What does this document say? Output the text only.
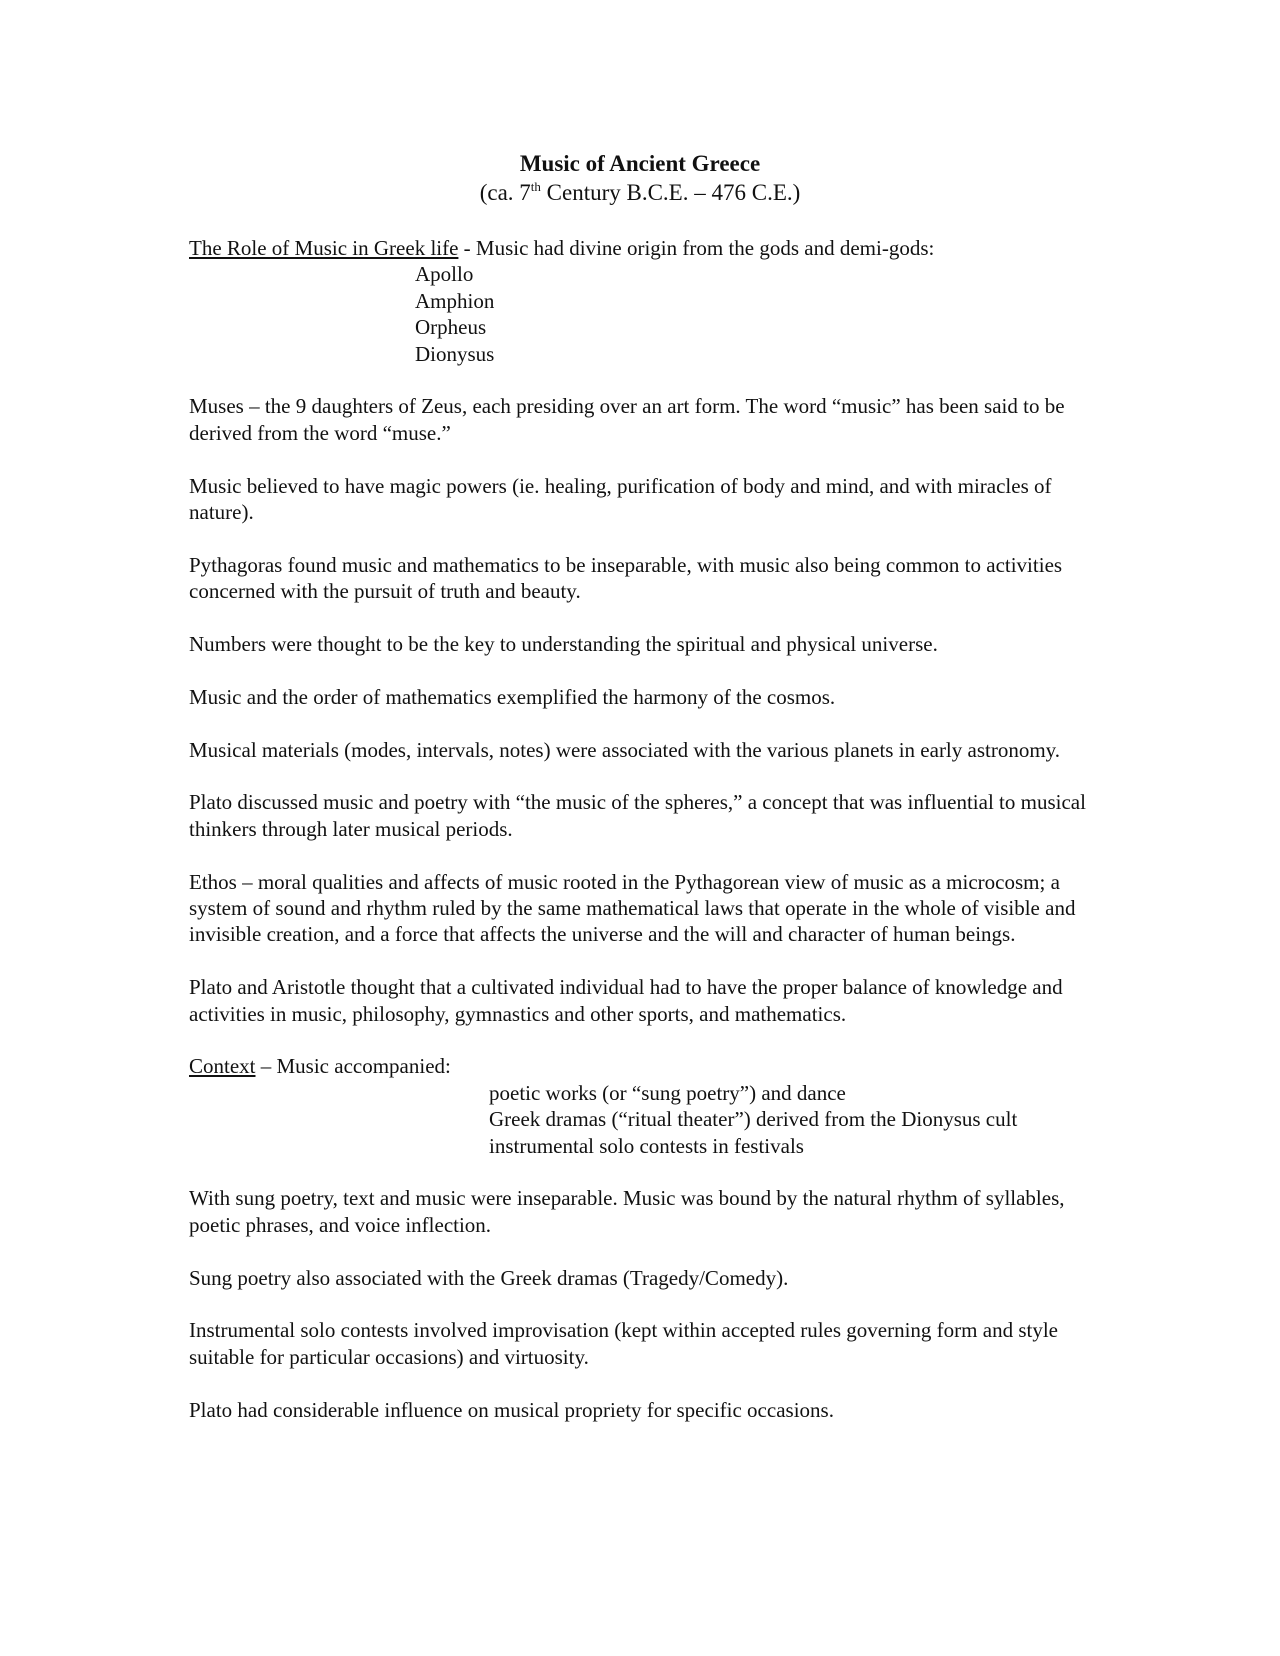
Music of Ancient Greece
(ca. 7th Century B.C.E. – 476 C.E.)
The Role of Music in Greek life - Music had divine origin from the gods and demi-gods:
Apollo
Amphion
Orpheus
Dionysus

Muses – the 9 daughters of Zeus, each presiding over an art form. The word “music” has been said to be derived from the word “muse.”

Music believed to have magic powers (ie. healing, purification of body and mind, and with miracles of nature).

Pythagoras found music and mathematics to be inseparable, with music also being common to activities concerned with the pursuit of truth and beauty.

Numbers were thought to be the key to understanding the spiritual and physical universe.

Music and the order of mathematics exemplified the harmony of the cosmos.

Musical materials (modes, intervals, notes) were associated with the various planets in early astronomy.

Plato discussed music and poetry with “the music of the spheres,” a concept that was influential to musical thinkers through later musical periods.

Ethos – moral qualities and affects of music rooted in the Pythagorean view of music as a microcosm; a system of sound and rhythm ruled by the same mathematical laws that operate in the whole of visible and invisible creation, and a force that affects the universe and the will and character of human beings.

Plato and Aristotle thought that a cultivated individual had to have the proper balance of knowledge and activities in music, philosophy, gymnastics and other sports, and mathematics.

Context – Music accompanied:
poetic works (or “sung poetry”) and dance
Greek dramas (“ritual theater”) derived from the Dionysus cult
instrumental solo contests in festivals

With sung poetry, text and music were inseparable. Music was bound by the natural rhythm of syllables, poetic phrases, and voice inflection.

Sung poetry also associated with the Greek dramas (Tragedy/Comedy).

Instrumental solo contests involved improvisation (kept within accepted rules governing form and style suitable for particular occasions) and virtuosity.

Plato had considerable influence on musical propriety for specific occasions.
